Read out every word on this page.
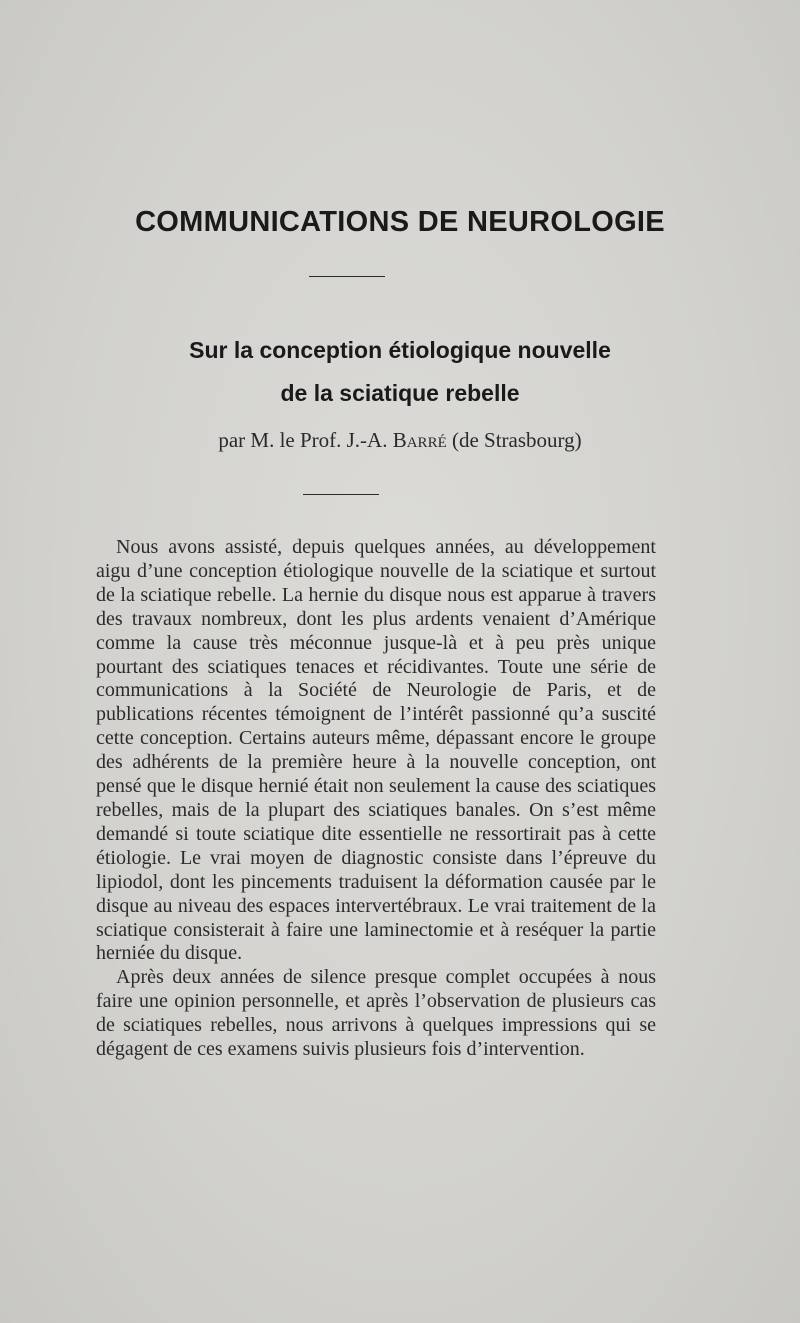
COMMUNICATIONS DE NEUROLOGIE
Sur la conception étiologique nouvelle
de la sciatique rebelle
par M. le Prof. J.-A. Barré (de Strasbourg)

Nous avons assisté, depuis quelques années, au développement aigu d’une conception étiologique nouvelle de la sciatique et surtout de la sciatique rebelle. La hernie du disque nous est apparue à travers des travaux nombreux, dont les plus ardents venaient d’Amérique comme la cause très méconnue jusque-là et à peu près unique pourtant des sciatiques tenaces et récidivantes. Toute une série de communications à la Société de Neurologie de Paris, et de publications récentes témoignent de l’intérêt passionné qu’a suscité cette conception. Certains auteurs même, dépassant encore le groupe des adhérents de la première heure à la nouvelle conception, ont pensé que le disque hernié était non seulement la cause des sciatiques rebelles, mais de la plupart des sciatiques banales. On s’est même demandé si toute sciatique dite essentielle ne ressortirait pas à cette étiologie. Le vrai moyen de diagnostic consiste dans l’épreuve du lipiodol, dont les pincements traduisent la déformation causée par le disque au niveau des espaces intervertébraux. Le vrai traitement de la sciatique consisterait à faire une laminectomie et à reséquer la partie herniée du disque.

Après deux années de silence presque complet occupées à nous faire une opinion personnelle, et après l’observation de plusieurs cas de sciatiques rebelles, nous arrivons à quelques impressions qui se dégagent de ces examens suivis plusieurs fois d’intervention.
